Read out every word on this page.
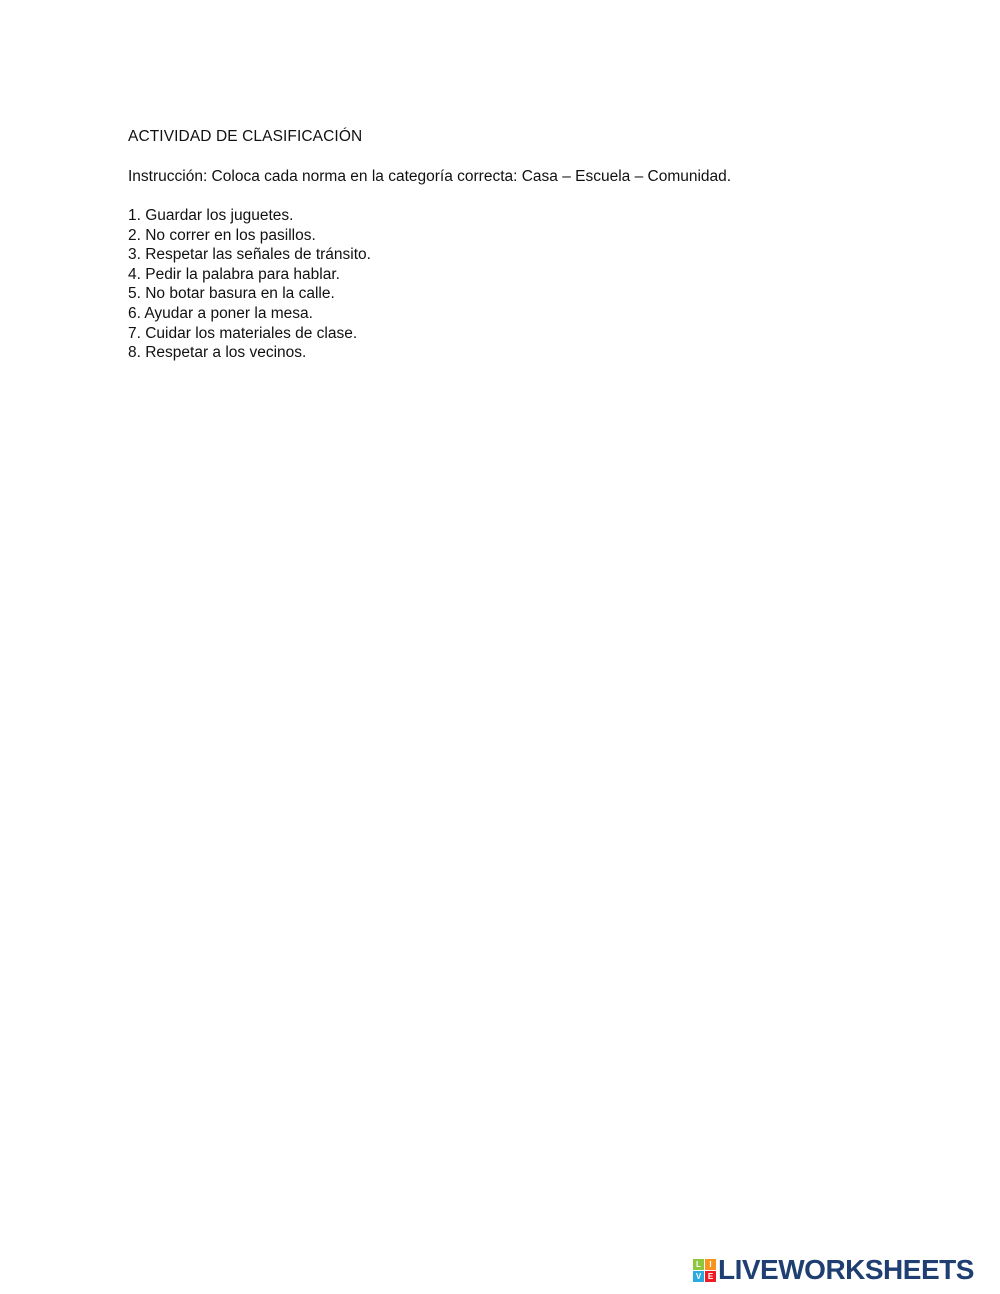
ACTIVIDAD DE CLASIFICACIÓN

Instrucción: Coloca cada norma en la categoría correcta: Casa – Escuela – Comunidad.

1. Guardar los juguetes.
2. No correr en los pasillos.
3. Respetar las señales de tránsito.
4. Pedir la palabra para hablar.
5. No botar basura en la calle.
6. Ayudar a poner la mesa.
7. Cuidar los materiales de clase.
8. Respetar a los vecinos.
L	I
V E LIVEWORKSHEETS
